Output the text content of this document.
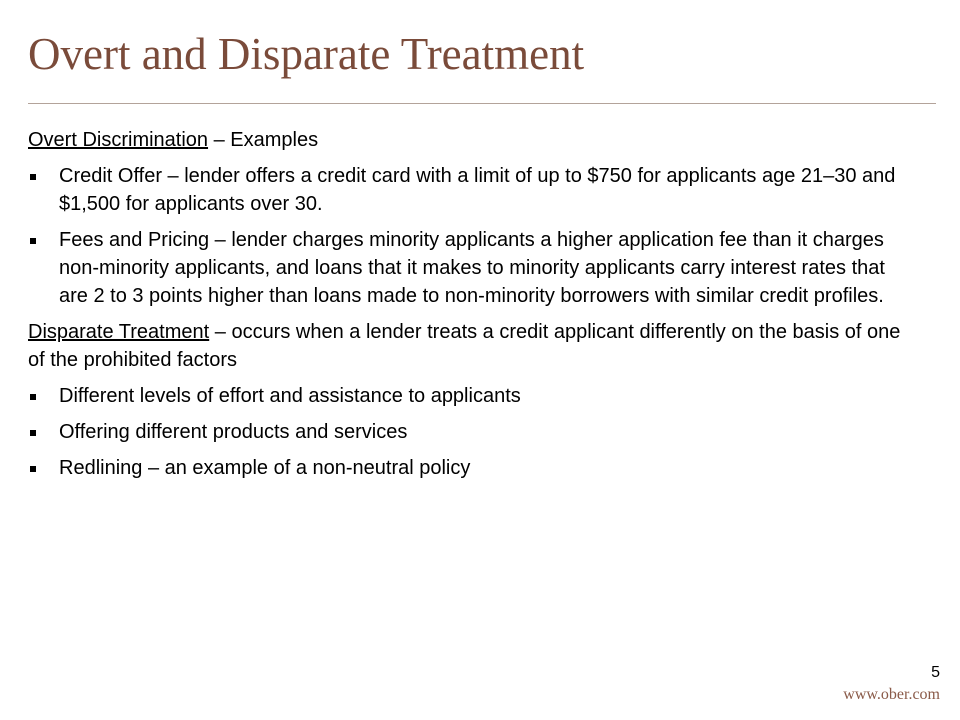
Overt and Disparate Treatment

Overt Discrimination – Examples

Credit Offer – lender offers a credit card with a limit of up to $750 for applicants age 21–30 and $1,500 for applicants over 30.
Fees and Pricing – lender charges minority applicants a higher application fee than it charges non-minority applicants, and loans that it makes to minority applicants carry interest rates that are 2 to 3 points higher than loans made to non-minority borrowers with similar credit profiles.

Disparate Treatment – occurs when a lender treats a credit applicant differently on the basis of one of the prohibited factors

Different levels of effort and assistance to applicants
Offering different products and services
Redlining – an example of a non-neutral policy
5
www.ober.com
